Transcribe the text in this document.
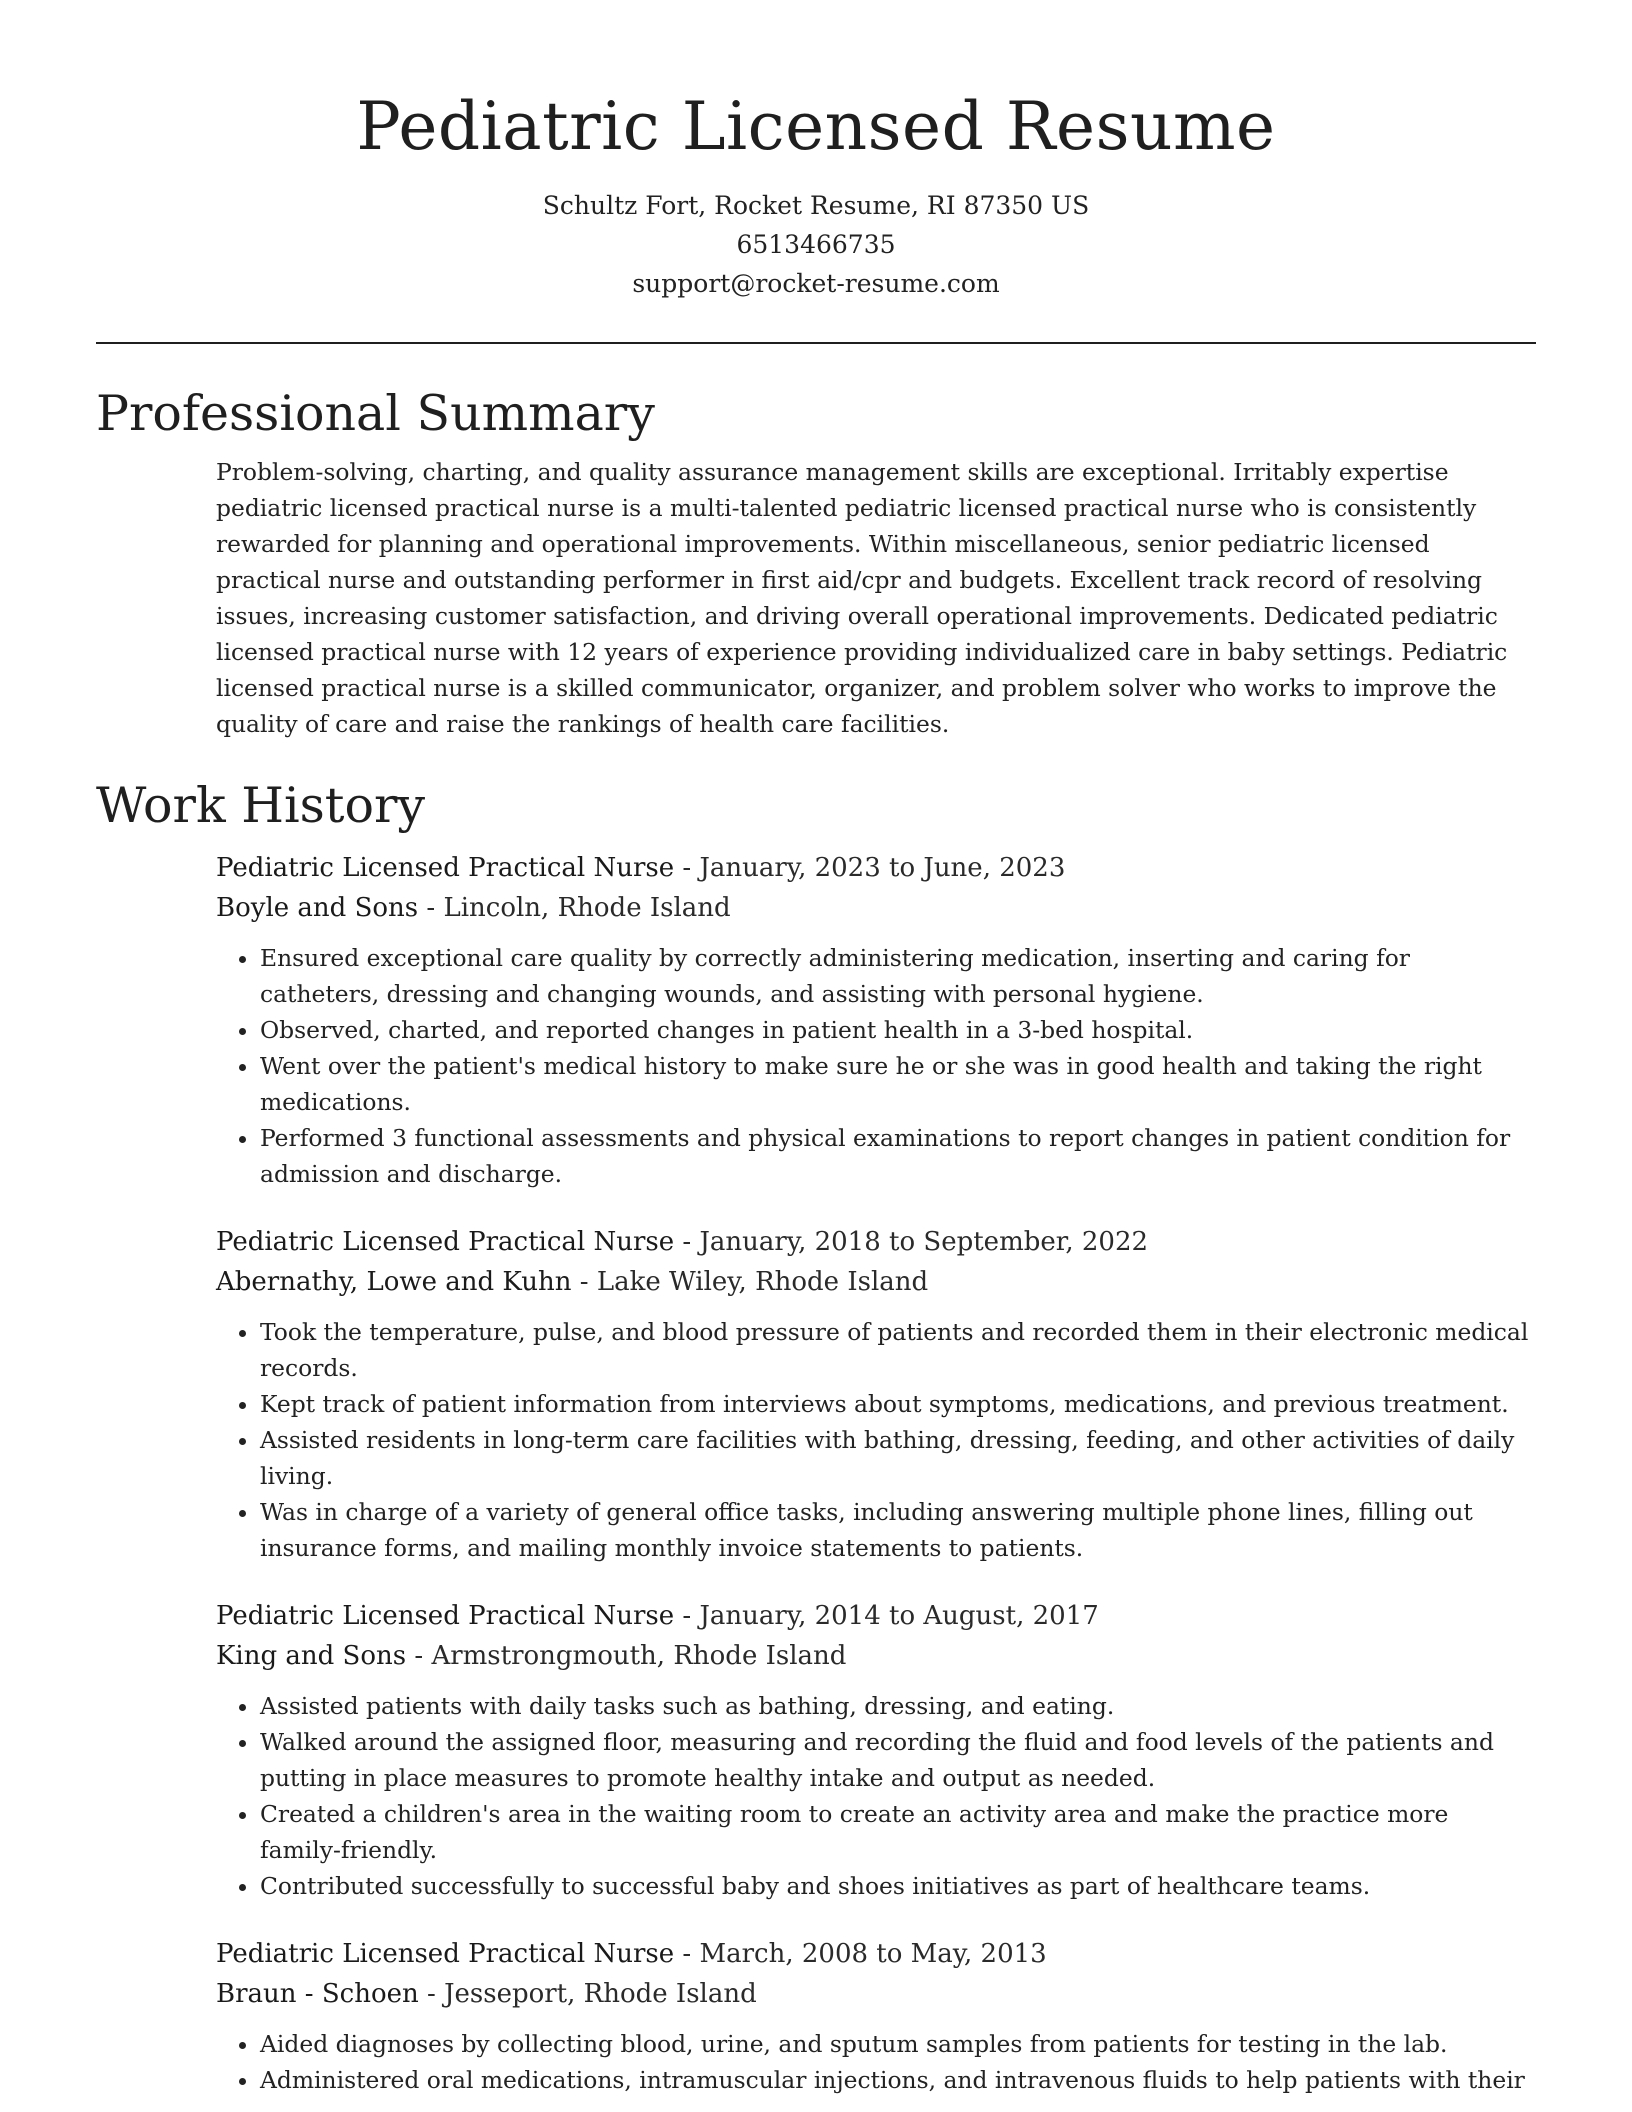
Pediatric Licensed Resume
Schultz Fort, Rocket Resume, RI 87350 US
6513466735
support@rocket-resume.com
Professional Summary

Problem-solving, charting, and quality assurance management skills are exceptional. Irritably expertise pediatric licensed practical nurse is a multi-talented pediatric licensed practical nurse who is consistently rewarded for planning and operational improvements. Within miscellaneous, senior pediatric licensed practical nurse and outstanding performer in first aid/cpr and budgets. Excellent track record of resolving issues, increasing customer satisfaction, and driving overall operational improvements. Dedicated pediatric licensed practical nurse with 12 years of experience providing individualized care in baby settings. Pediatric licensed practical nurse is a skilled communicator, organizer, and problem solver who works to improve the quality of care and raise the rankings of health care facilities.

Work History
Pediatric Licensed Practical Nurse - January, 2023 to June, 2023
Boyle and Sons - Lincoln, Rhode Island
• Ensured exceptional care quality by correctly administering medication, inserting and caring for catheters, dressing and changing wounds, and assisting with personal hygiene.
• Observed, charted, and reported changes in patient health in a 3-bed hospital.
• Went over the patient's medical history to make sure he or she was in good health and taking the right medications.
• Performed 3 functional assessments and physical examinations to report changes in patient condition for admission and discharge.
Pediatric Licensed Practical Nurse - January, 2018 to September, 2022
Abernathy, Lowe and Kuhn - Lake Wiley, Rhode Island
• Took the temperature, pulse, and blood pressure of patients and recorded them in their electronic medical records.
• Kept track of patient information from interviews about symptoms, medications, and previous treatment.
• Assisted residents in long-term care facilities with bathing, dressing, feeding, and other activities of daily living.
• Was in charge of a variety of general office tasks, including answering multiple phone lines, filling out insurance forms, and mailing monthly invoice statements to patients.
Pediatric Licensed Practical Nurse - January, 2014 to August, 2017
King and Sons - Armstrongmouth, Rhode Island
• Assisted patients with daily tasks such as bathing, dressing, and eating.
• Walked around the assigned floor, measuring and recording the fluid and food levels of the patients and putting in place measures to promote healthy intake and output as needed.
• Created a children's area in the waiting room to create an activity area and make the practice more family-friendly.
• Contributed successfully to successful baby and shoes initiatives as part of healthcare teams.
Pediatric Licensed Practical Nurse - March, 2008 to May, 2013
Braun - Schoen - Jesseport, Rhode Island
• Aided diagnoses by collecting blood, urine, and sputum samples from patients for testing in the lab.
• Administered oral medications, intramuscular injections, and intravenous fluids to help patients with their
